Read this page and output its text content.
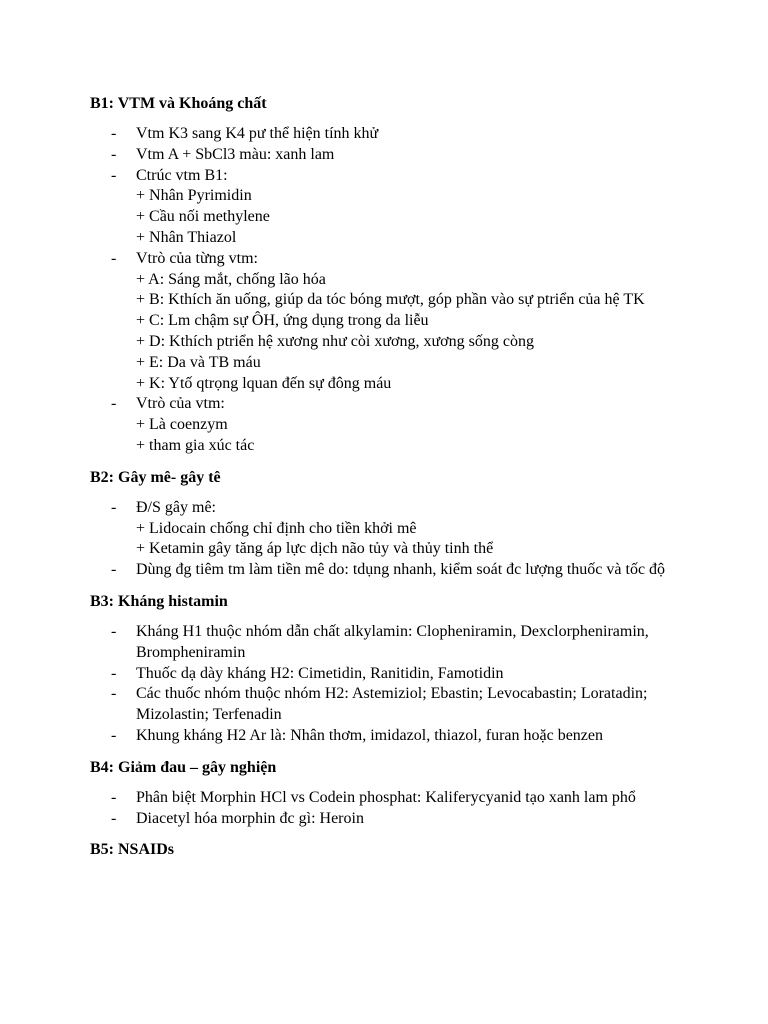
B1: VTM và Khoáng chất
- Vtm K3 sang K4 pư thể hiện tính khử
- Vtm A + SbCl3 màu: xanh lam
- Ctrúc vtm B1:
+ Nhân Pyrimidin
+ Cầu nối methylene
+ Nhân Thiazol
- Vtrò của từng vtm:
+ A: Sáng mắt, chống lão hóa
+ B: Kthích ăn uống, giúp da tóc bóng mượt, góp phần vào sự ptriển của hệ TK
+ C: Lm chậm sự ÔH, ứng dụng trong da liễu
+ D: Kthích ptriển hệ xương như còi xương, xương sống còng
+ E: Da và TB máu
+ K: Ytố qtrọng lquan đến sự đông máu
- Vtrò của vtm:
+ Là coenzym
+ tham gia xúc tác
B2: Gây mê- gây tê
- Đ/S gây mê:
+ Lidocain chống chỉ định cho tiền khởi mê
+ Ketamin gây tăng áp lực dịch não tủy và thủy tinh thể
- Dùng đg tiêm tm làm tiền mê do: tdụng nhanh, kiểm soát đc lượng thuốc và tốc độ
B3: Kháng histamin
- Kháng H1 thuộc nhóm dẫn chất alkylamin: Clopheniramin, Dexclorpheniramin,
Brompheniramin
- Thuốc dạ dày kháng H2: Cimetidin, Ranitidin, Famotidin
- Các thuốc nhóm thuộc nhóm H2: Astemiziol; Ebastin; Levocabastin; Loratadin;
Mizolastin; Terfenadin
- Khung kháng H2 Ar là: Nhân thơm, imidazol, thiazol, furan hoặc benzen
B4: Giảm đau – gây nghiện
- Phân biệt Morphin HCl vs Codein phosphat: Kaliferycyanid tạo xanh lam phổ
- Diacetyl hóa morphin đc gì: Heroin
B5: NSAIDs
